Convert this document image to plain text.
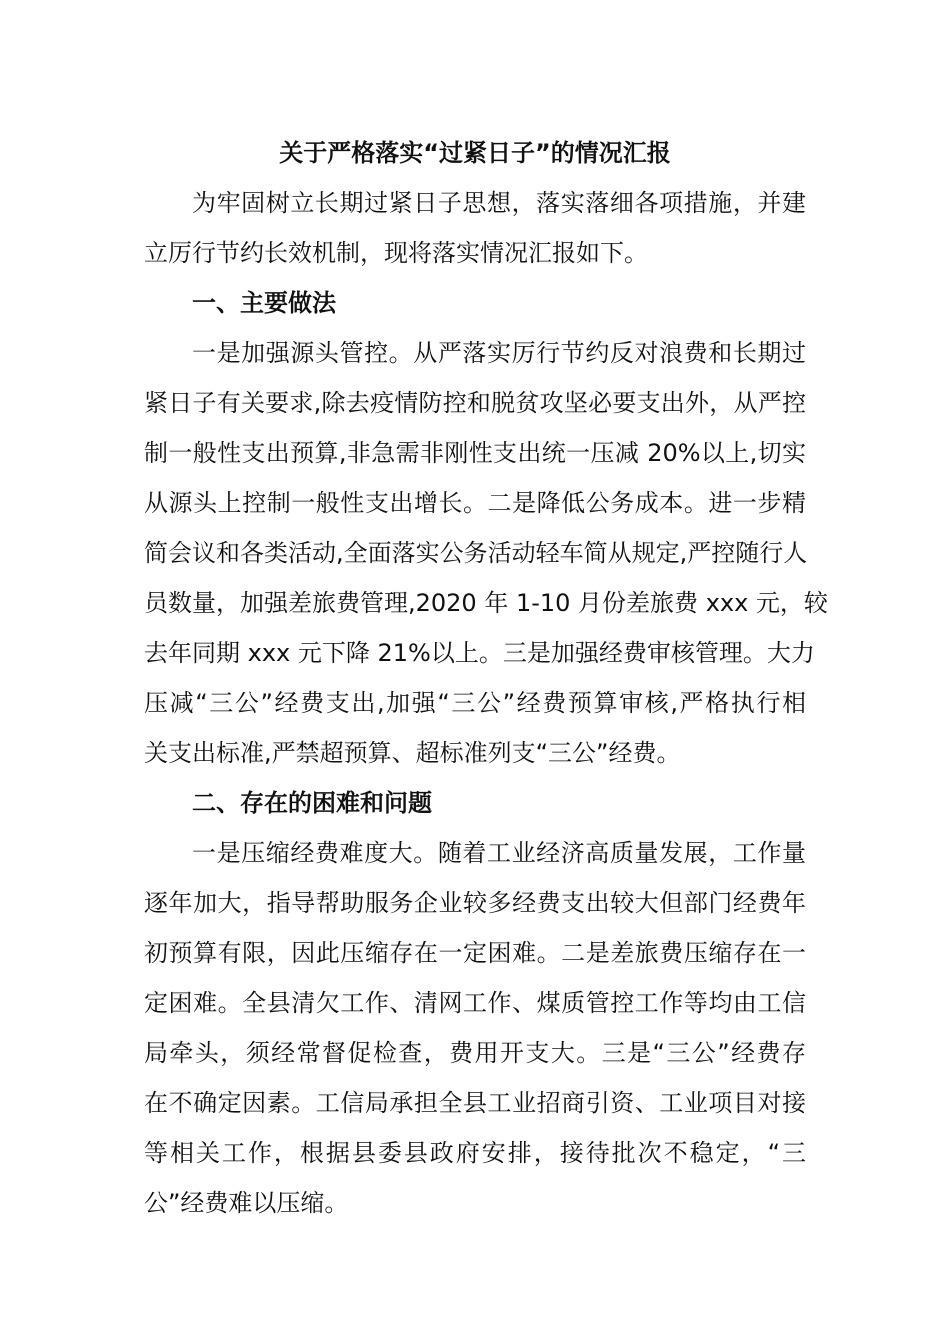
关于严格落实“过紧日子”的情况汇报

为牢固树立长期过紧日子思想，落实落细各项措施，并建

立厉行节约长效机制，现将落实情况汇报如下。

一、主要做法

一是加强源头管控。从严落实厉行节约反对浪费和长期过

紧日子有关要求,除去疫情防控和脱贫攻坚必要支出外，从严控

制一般性支出预算,非急需非刚性支出统一压减 20%以上,切实

从源头上控制一般性支出增长。二是降低公务成本。进一步精

简会议和各类活动,全面落实公务活动轻车简从规定,严控随行人

员数量，加强差旅费管理,2020 年 1-10 月份差旅费 xxx 元，较

去年同期 xxx 元下降 21%以上。三是加强经费审核管理。大力

压减“三公”经费支出,加强“三公”经费预算审核,严格执行相

关支出标准,严禁超预算、超标准列支“三公”经费。

二、存在的困难和问题

一是压缩经费难度大。随着工业经济高质量发展，工作量

逐年加大，指导帮助服务企业较多经费支出较大但部门经费年

初预算有限，因此压缩存在一定困难。二是差旅费压缩存在一

定困难。全县清欠工作、清网工作、煤质管控工作等均由工信

局牵头，须经常督促检查，费用开支大。三是“三公”经费存

在不确定因素。工信局承担全县工业招商引资、工业项目对接

等相关工作，根据县委县政府安排，接待批次不稳定，“三

公”经费难以压缩。
